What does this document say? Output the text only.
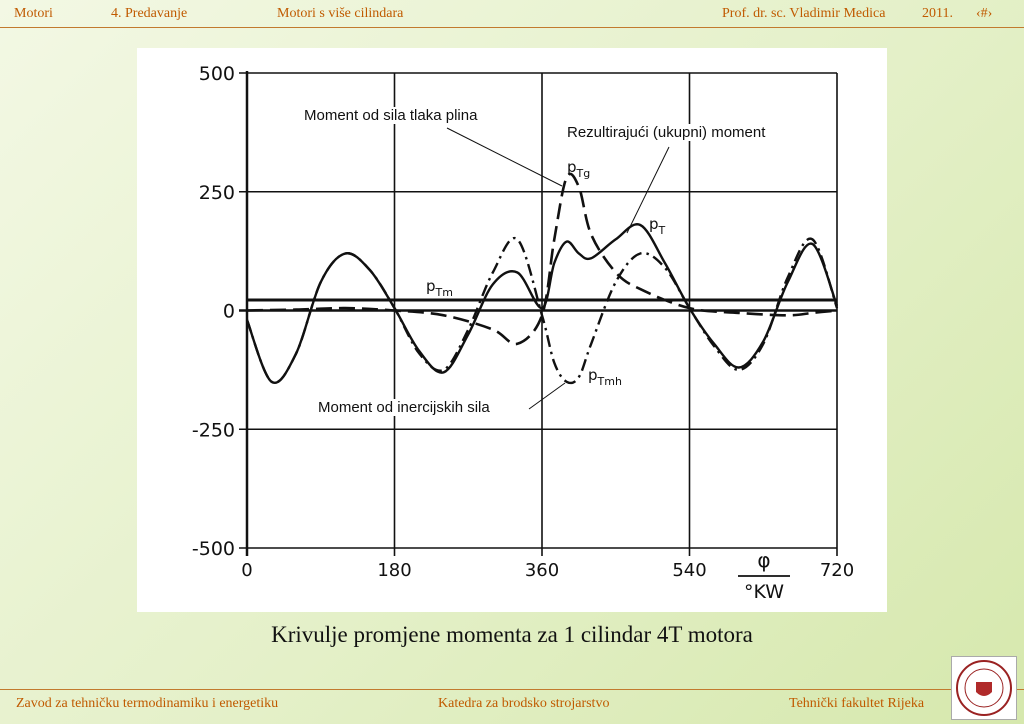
Motori	4. Predavanje	Motori s više cilindara	Prof. dr. sc. Vladimir Medica	2011. ‹#›
500
250
0
-250
-500
0	180	360	540	720
$p_{Tg}$
$p_T$
$p_{Tm}$
$p_{Tmh}$
φ
°KW
Moment od sila tlaka plina
Rezultirajući (ukupni) moment
Moment od inercijskih sila
Krivulje promjene momenta za 1 cilindar 4T motora
Zavod za tehničku termodinamiku i energetiku	Katedra za brodsko strojarstvo	Tehnički fakultet Rijeka
